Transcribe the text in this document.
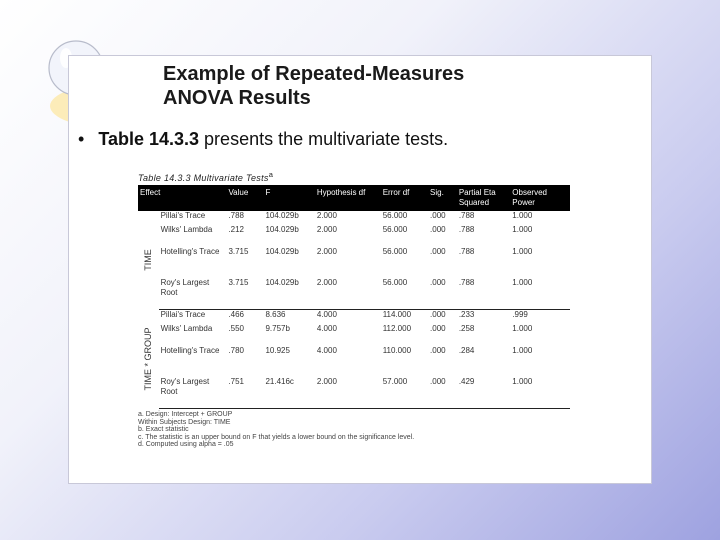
Example of Repeated-Measures
ANOVA Results
• Table 14.3.3 presents the multivariate tests.
Table 14.3.3 Multivariate Tests$^a$
Effect		Value	F	Hypothesis df	Error df	Sig.	Partial Eta Squared	Observed Power

TIME	Pillai's Trace	.788	104.029b	2.000	56.000	.000	.788	1.000
	Wilks' Lambda	.212	104.029b	2.000	56.000	.000	.788	1.000
	Hotelling's Trace	3.715	104.029b	2.000	56.000	.000	.788	1.000
	Roy's Largest Root	3.715	104.029b	2.000	56.000	.000	.788	1.000

TIME * GROUP	Pillai's Trace	.466	8.636	4.000	114.000	.000	.233	.999
	Wilks' Lambda	.550	9.757b	4.000	112.000	.000	.258	1.000
	Hotelling's Trace	.780	10.925	4.000	110.000	.000	.284	1.000
	Roy's Largest Root	.751	21.416c	2.000	57.000	.000	.429	1.000
a. Design: Intercept + GROUP
Within Subjects Design: TIME
b. Exact statistic
c. The statistic is an upper bound on F that yields a lower bound on the significance level.
d. Computed using alpha = .05
